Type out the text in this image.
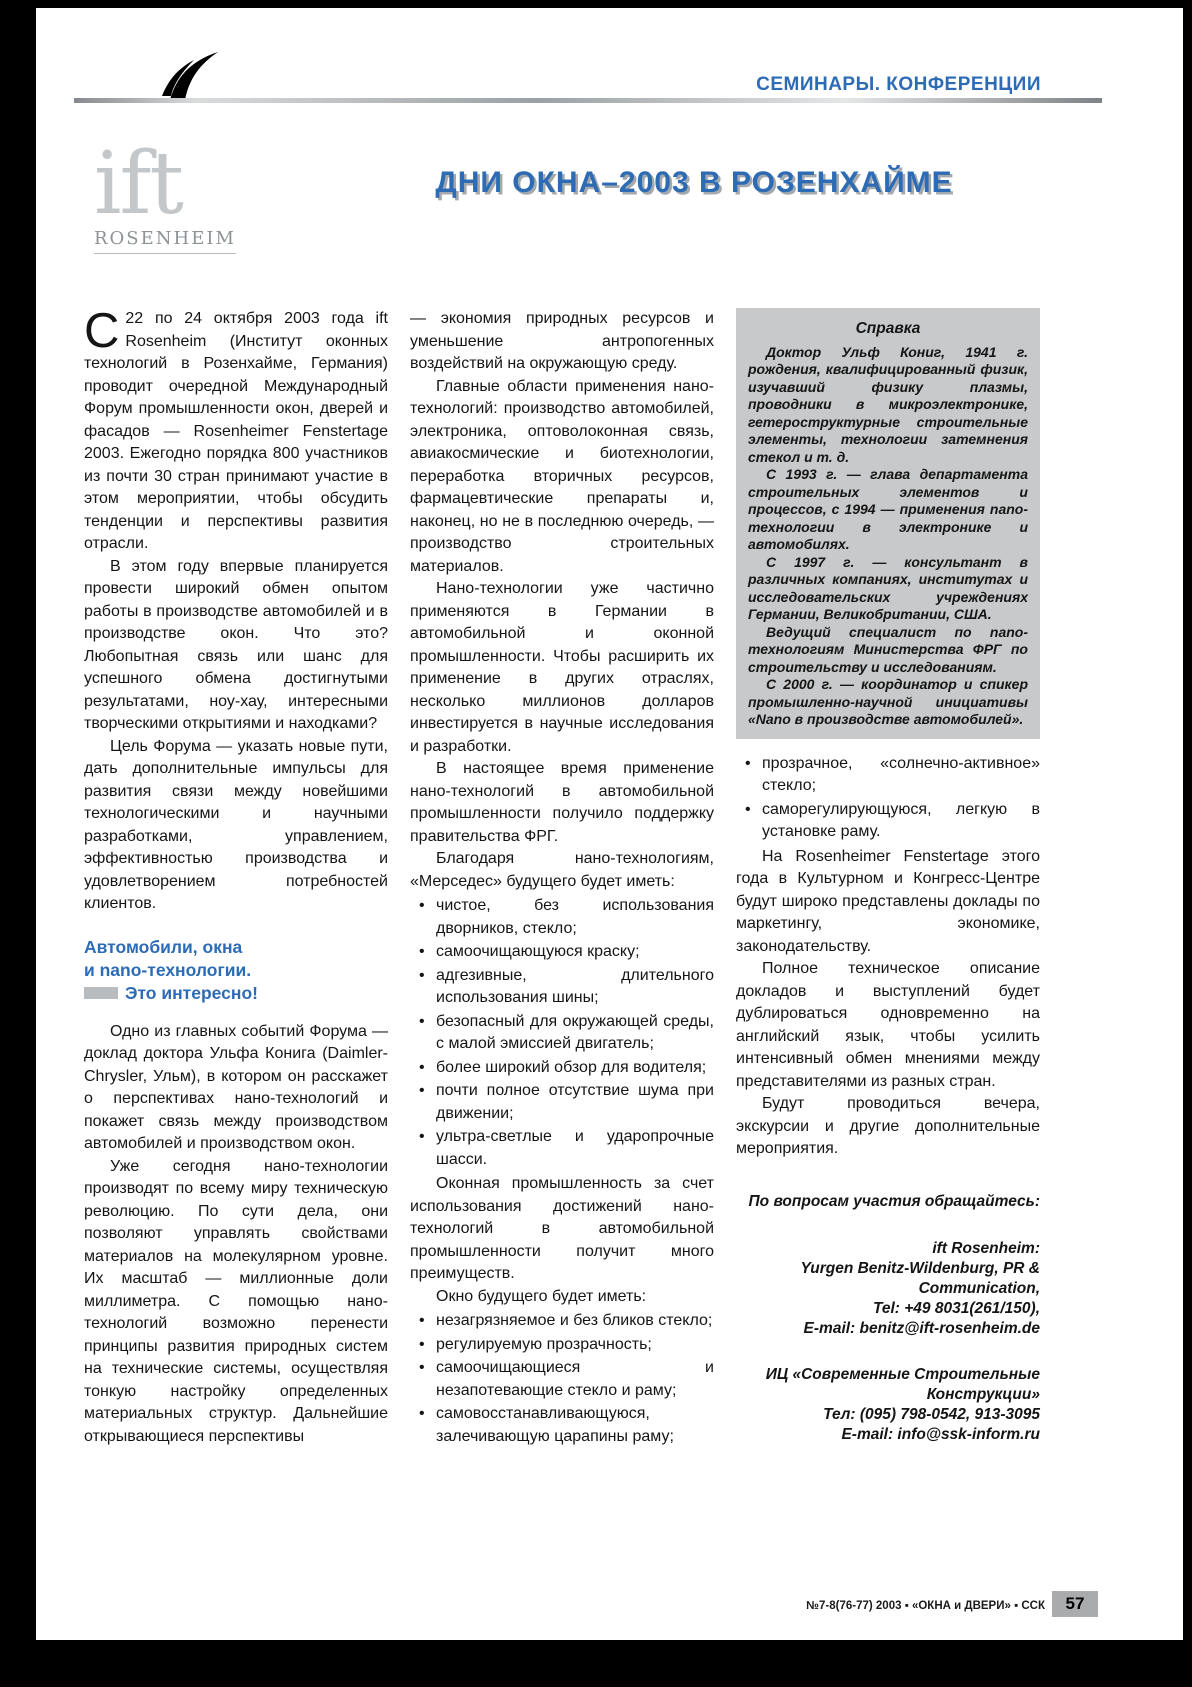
СЕМИНАРЫ. КОНФЕРЕНЦИИ
ift
ROSENHEIM
ДНИ ОКНА–2003 В РОЗЕНХАЙМЕ

С 22 по 24 октября 2003 года ift Rosenheim (Институт оконных технологий в Розенхайме, Германия) проводит очередной Международный Форум промышленности окон, дверей и фасадов — Rosenheimer Fenstertage 2003. Ежегодно порядка 800 участников из почти 30 стран принимают участие в этом мероприятии, чтобы обсудить тенденции и перспективы развития отрасли.

В этом году впервые планируется провести широкий обмен опытом работы в производстве автомобилей и в производстве окон. Что это? Любопытная связь или шанс для успешного обмена достигнутыми результатами, ноу-хау, интересными творческими открытиями и находками?

Цель Форума — указать новые пути, дать дополнительные импульсы для развития связи между новейшими технологическими и научными разработками, управлением, эффективностью производства и удовлетворением потребностей клиентов.

Автомобили, окна
и nano-технологии.
Это интересно!

Одно из главных событий Форума — доклад доктора Ульфа Конига (Daimler-Chrysler, Ульм), в котором он расскажет о перспективах нано-технологий и покажет связь между производством автомобилей и производством окон.

Уже сегодня нано-технологии производят по всему миру техническую революцию. По сути дела, они позволяют управлять свойствами материалов на молекулярном уровне. Их масштаб — миллионные доли миллиметра. С помощью нано-технологий возможно перенести принципы развития природных систем на технические системы, осуществляя тонкую настройку определенных материальных структур. Дальнейшие открывающиеся перспективы

— экономия природных ресурсов и уменьшение антропогенных воздействий на окружающую среду.

Главные области применения нано-технологий: производство автомобилей, электроника, оптоволоконная связь, авиакосмические и биотехнологии, переработка вторичных ресурсов, фармацевтические препараты и, наконец, но не в последнюю очередь, — производство строительных материалов.

Нано-технологии уже частично применяются в Германии в автомобильной и оконной промышленности. Чтобы расширить их применение в других отраслях, несколько миллионов долларов инвестируется в научные исследования и разработки.

В настоящее время применение нано-технологий в автомобильной промышленности получило поддержку правительства ФРГ.

Благодаря нано-технологиям, «Мерседес» будущего будет иметь:

• чистое, без использования дворников, стекло;
• самоочищающуюся краску;
• адгезивные, длительного использования шины;
• безопасный для окружающей среды, с малой эмиссией двигатель;
• более широкий обзор для водителя;
• почти полное отсутствие шума при движении;
• ультра-светлые и ударопрочные шасси.

Оконная промышленность за счет использования достижений нано-технологий в автомобильной промышленности получит много преимуществ.

Окно будущего будет иметь:

• незагрязняемое и без бликов стекло;
• регулируемую прозрачность;
• самоочищающиеся и незапотевающие стекло и раму;
• самовосстанавливающуюся, залечивающую царапины раму;
Справка

Доктор Ульф Кониг, 1941 г. рождения, квалифицированный физик, изучавший физику плазмы, проводники в микроэлектронике, гетероструктурные строительные элементы, технологии затемнения стекол и т. д.

С 1993 г. — глава департамента строительных элементов и процессов, с 1994 — применения nano-технологии в электронике и автомобилях.

С 1997 г. — консультант в различных компаниях, институтах и исследовательских учреждениях Германии, Великобритании, США.

Ведущий специалист по nano-технологиям Министерства ФРГ по строительству и исследованиям.

С 2000 г. — координатор и спикер промышленно-научной инициативы «Nano в производстве автомобилей».

• прозрачное, «солнечно-активное» стекло;
• саморегулирующуюся, легкую в установке раму.

На Rosenheimer Fenstertage этого года в Культурном и Конгресс-Центре будут широко представлены доклады по маркетингу, экономике, законодательству.

Полное техническое описание докладов и выступлений будет дублироваться одновременно на английский язык, чтобы усилить интенсивный обмен мнениями между представителями из разных стран.

Будут проводиться вечера, экскурсии и другие дополнительные мероприятия.

По вопросам участия обращайтесь:

ift Rosenheim:
Yurgen Benitz-Wildenburg, PR &
Communication,
Tel: +49 8031(261/150),
E-mail: benitz@ift-rosenheim.de
ИЦ «Современные Строительные
Конструкции»
Тел: (095) 798-0542, 913-3095
E-mail: info@ssk-inform.ru
№7-8(76-77) 2003 ▪ «ОКНА и ДВЕРИ» ▪ ССК	57
